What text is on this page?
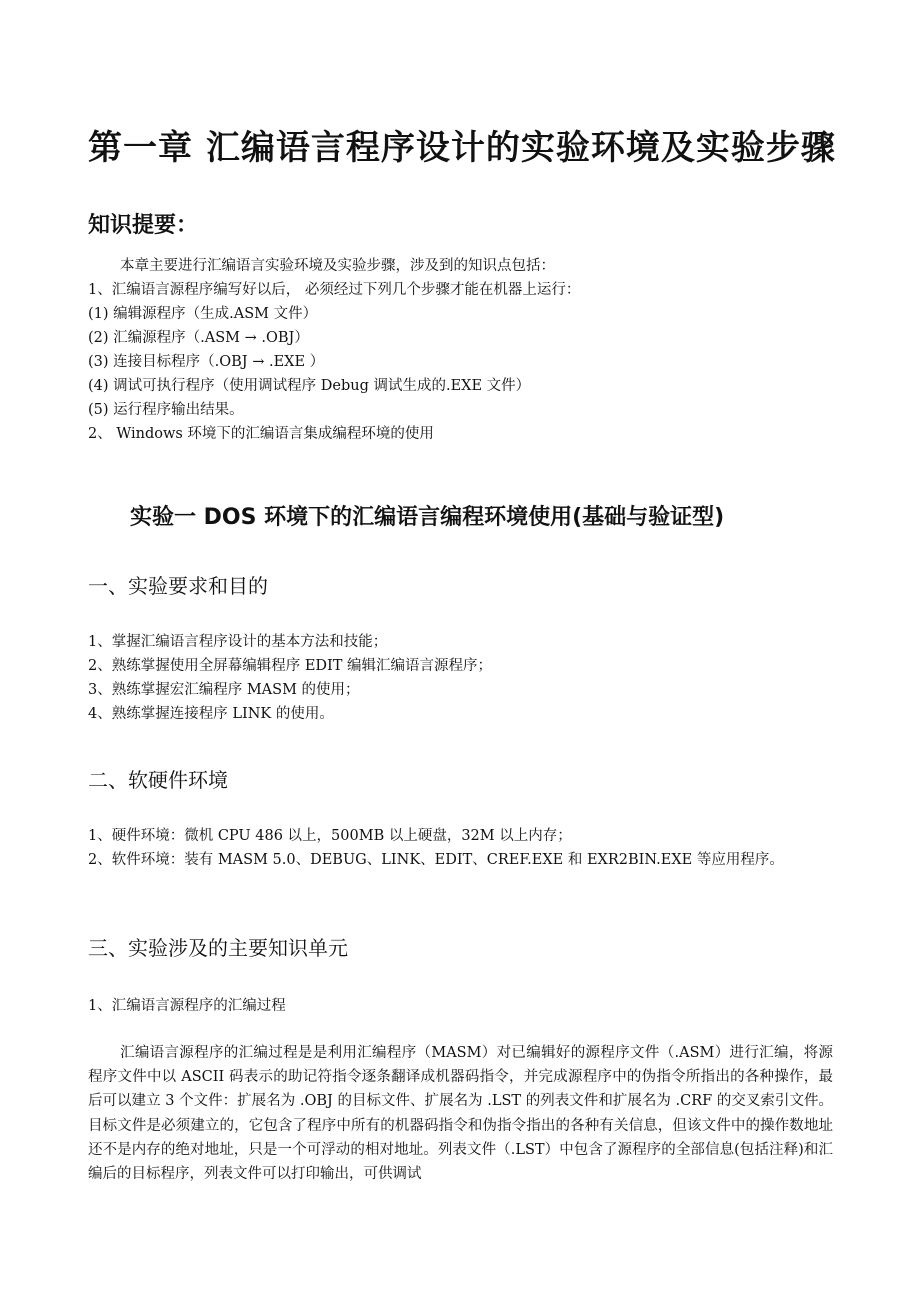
第一章 汇编语言程序设计的实验环境及实验步骤
知识提要：
本章主要进行汇编语言实验环境及实验步骤，涉及到的知识点包括：
1、汇编语言源程序编写好以后， 必须经过下列几个步骤才能在机器上运行：
(1) 编辑源程序（生成.ASM 文件）
(2) 汇编源程序（.ASM → .OBJ）
(3) 连接目标程序（.OBJ → .EXE ）
(4) 调试可执行程序（使用调试程序 Debug 调试生成的.EXE 文件）
(5) 运行程序输出结果。
2、 Windows 环境下的汇编语言集成编程环境的使用
实验一 DOS 环境下的汇编语言编程环境使用(基础与验证型)
一、实验要求和目的
1、掌握汇编语言程序设计的基本方法和技能；
2、熟练掌握使用全屏幕编辑程序 EDIT 编辑汇编语言源程序；
3、熟练掌握宏汇编程序 MASM 的使用；
4、熟练掌握连接程序 LINK 的使用。
二、软硬件环境
1、硬件环境：微机 CPU 486 以上，500MB 以上硬盘，32M 以上内存；
2、软件环境：装有 MASM 5.0、DEBUG、LINK、EDIT、CREF.EXE 和 EXR2BIN.EXE 等应用程序。
三、实验涉及的主要知识单元
1、汇编语言源程序的汇编过程

汇编语言源程序的汇编过程是是利用汇编程序（MASM）对已编辑好的源程序文件（.ASM）进行汇编，将源程序文件中以 ASCII 码表示的助记符指令逐条翻译成机器码指令，并完成源程序中的伪指令所指出的各种操作，最后可以建立 3 个文件：扩展名为 .OBJ 的目标文件、扩展名为 .LST 的列表文件和扩展名为 .CRF 的交叉索引文件。目标文件是必须建立的，它包含了程序中所有的机器码指令和伪指令指出的各种有关信息，但该文件中的操作数地址还不是内存的绝对地址，只是一个可浮动的相对地址。列表文件（.LST）中包含了源程序的全部信息(包括注释)和汇编后的目标程序，列表文件可以打印输出，可供调试
